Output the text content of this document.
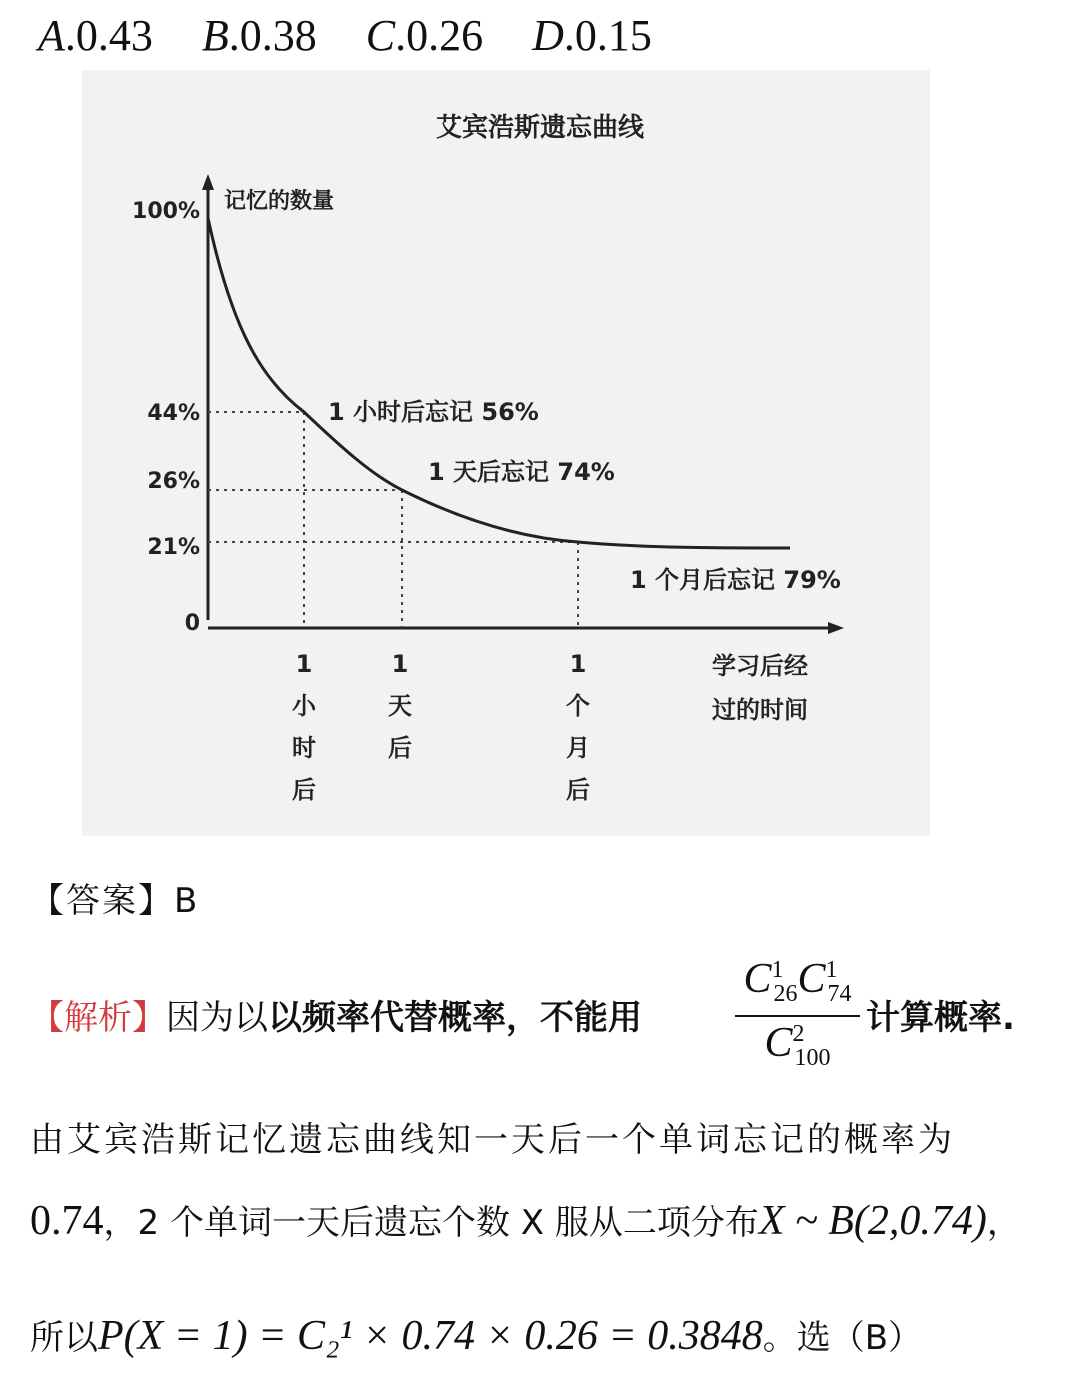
A.0.43 B.0.38 C.0.26 D.0.15
艾宾浩斯遗忘曲线
记忆的数量
100%
44%
26%
21%
0
1 小时后忘记 56%
1 天后忘记 74%
1 个月后忘记 79%
1
小
时
后
1
天
后
1
个
月
后
学习后经
过的时间
【答案】B
【解析】因为以以频率代替概率，不能用
$C^1_{26}C^1_{74}$
$C^2_{100}$
计算概率.
由艾宾浩斯记忆遗忘曲线知一天后一个单词忘记的概率为
0.74，2 个单词一天后遗忘个数 X 服从二项分布X ~ B(2,0.74)，
所以P(X = 1) = C₂¹ × 0.74 × 0.26 = 0.3848。选（B）
